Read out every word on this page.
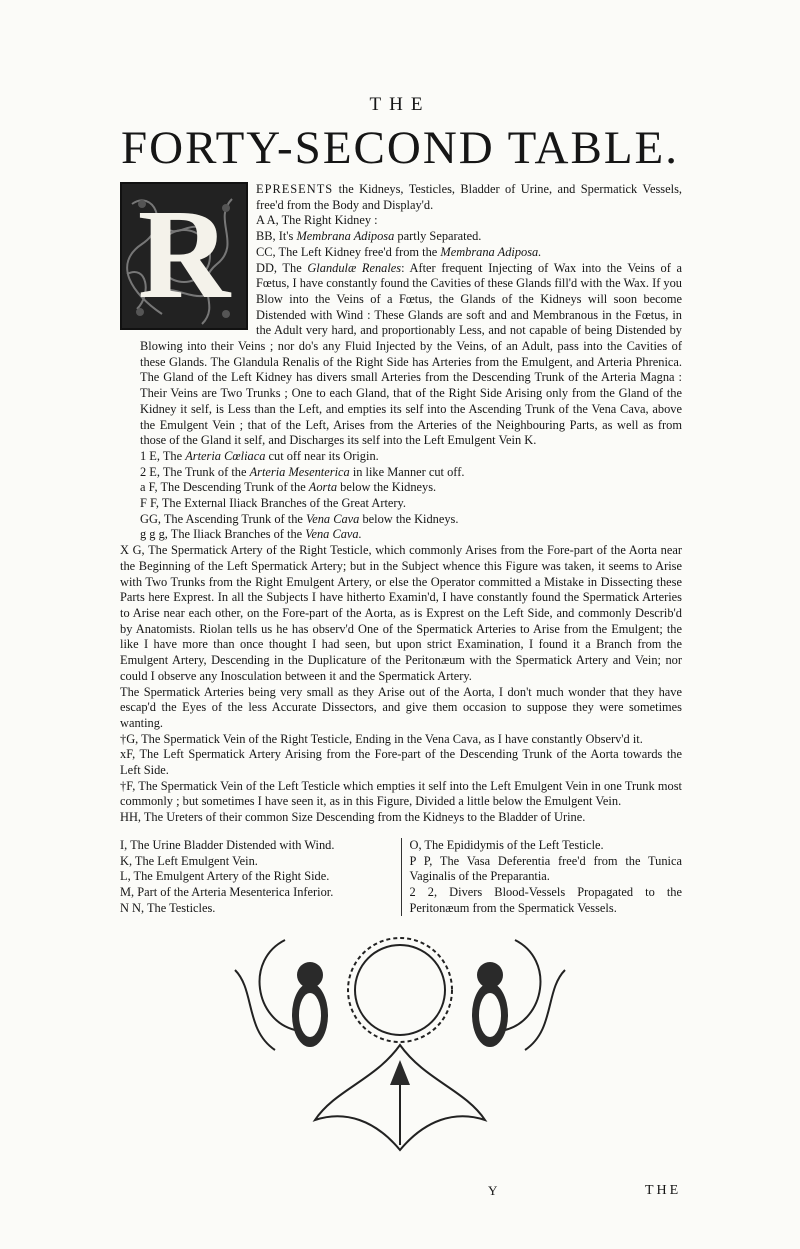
THE
FORTY-SECOND TABLE.
R	EPRESENTS the Kidneys, Testicles, Bladder of Urine, and Spermatick Vessels, free'd from the Body and Display'd.

A A, The Right Kidney :

BB, It's Membrana Adiposa partly Separated.

CC, The Left Kidney free'd from the Membrana Adiposa.

DD, The Glandulæ Renales: After frequent Injecting of Wax into the Veins of a Fœtus, I have constantly found the Cavities of these Glands fill'd with the Wax. If you Blow into the Veins of a Fœtus, the Glands of the Kidneys will soon become Distended with Wind : These Glands are soft and and Membranous in the Fœtus, in the Adult very hard, and proportionably Less, and not capable of being Distended by Blowing into their Veins ; nor do's any Fluid Injected by the Veins, of an Adult, pass into the Cavities of these Glands. The Glandula Renalis of the Right Side has Arteries from the Emulgent, and Arteria Phrenica. The Gland of the Left Kidney has divers small Arteries from the Descending Trunk of the Arteria Magna : Their Veins are Two Trunks ; One to each Gland, that of the Right Side Arising only from the Gland of the Kidney it self, is Less than the Left, and empties its self into the Ascending Trunk of the Vena Cava, above the Emulgent Vein ; that of the Left, Arises from the Arteries of the Neighbouring Parts, as well as from those of the Gland it self, and Discharges its self into the Left Emulgent Vein K.

1 E, The Arteria Cœliaca cut off near its Origin.

2 E, The Trunk of the Arteria Mesenterica in like Manner cut off.

a F, The Descending Trunk of the Aorta below the Kidneys.

F F, The External Iliack Branches of the Great Artery.

GG, The Ascending Trunk of the Vena Cava below the Kidneys.

g g g, The Iliack Branches of the Vena Cava.

X G, The Spermatick Artery of the Right Testicle, which commonly Arises from the Fore-part of the Aorta near the Beginning of the Left Spermatick Artery; but in the Subject whence this Figure was taken, it seems to Arise with Two Trunks from the Right Emulgent Artery, or else the Operator committed a Mistake in Dissecting these Parts here Exprest. In all the Subjects I have hitherto Examin'd, I have constantly found the Spermatick Arteries to Arise near each other, on the Fore-part of the Aorta, as is Exprest on the Left Side, and commonly Describ'd by Anatomists. Riolan tells us he has observ'd One of the Spermatick Arteries to Arise from the Emulgent; the like I have more than once thought I had seen, but upon strict Examination, I found it a Branch from the Emulgent Artery, Descending in the Duplicature of the Peritonæum with the Spermatick Artery and Vein; nor could I observe any Inosculation between it and the Spermatick Artery.

The Spermatick Arteries being very small as they Arise out of the Aorta, I don't much wonder that they have escap'd the Eyes of the less Accurate Dissectors, and give them occasion to suppose they were sometimes wanting.

†G, The Spermatick Vein of the Right Testicle, Ending in the Vena Cava, as I have constantly Observ'd it.

xF, The Left Spermatick Artery Arising from the Fore-part of the Descending Trunk of the Aorta towards the Left Side.

†F, The Spermatick Vein of the Left Testicle which empties it self into the Left Emulgent Vein in one Trunk most commonly ; but sometimes I have seen it, as in this Figure, Divided a little below the Emulgent Vein.

HH, The Ureters of their common Size Descending from the Kidneys to the Bladder of Urine.

I, The Urine Bladder Distended with Wind.
K, The Left Emulgent Vein.
L, The Emulgent Artery of the Right Side.
M, Part of the Arteria Mesenterica Inferior.
N N, The Testicles.
O, The Epididymis of the Left Testicle.
P P, The Vasa Deferentia free'd from the Tunica Vaginalis of the Preparantia.
2 2, Divers Blood-Vessels Propagated to the Peritonæum from the Spermatick Vessels.
Y	THE
